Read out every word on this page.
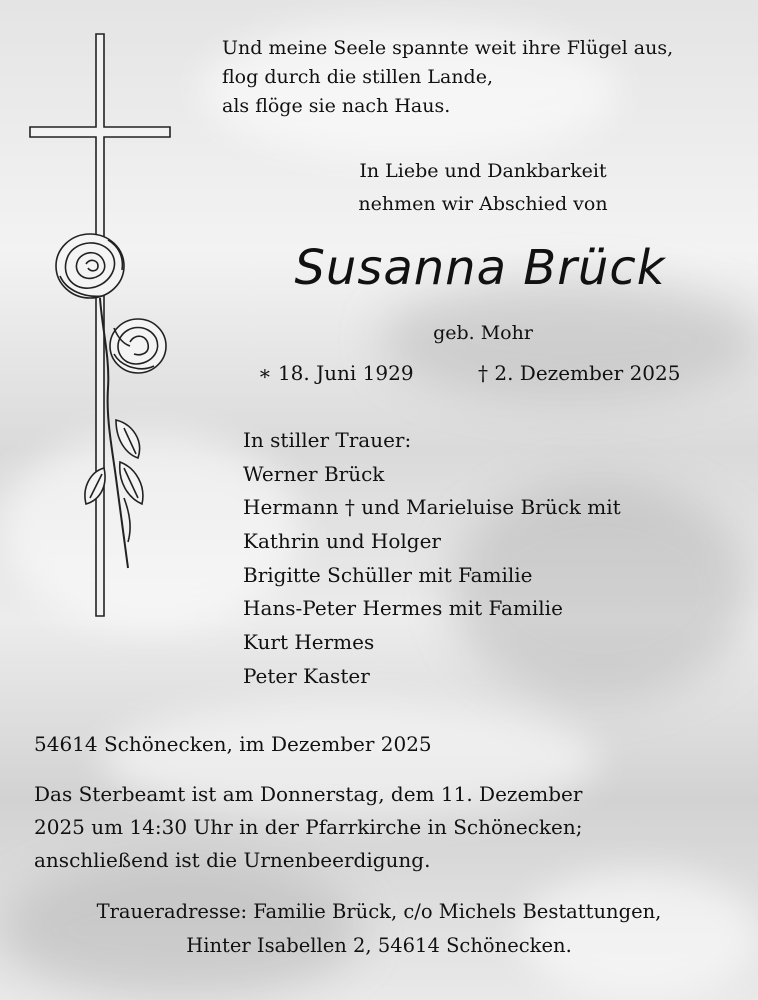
Und meine Seele spannte weit ihre Flügel aus,
flog durch die stillen Lande,
als flöge sie nach Haus.
In Liebe und Dankbarkeit
nehmen wir Abschied von
Susanna Brück
geb. Mohr
∗ 18. Juni 1929	† 2. Dezember 2025
In stiller Trauer:
Werner Brück
Hermann † und Marieluise Brück mit
Kathrin und Holger
Brigitte Schüller mit Familie
Hans-Peter Hermes mit Familie
Kurt Hermes
Peter Kaster
54614 Schönecken, im Dezember 2025
Das Sterbeamt ist am Donnerstag, dem 11. Dezember
2025 um 14:30 Uhr in der Pfarrkirche in Schönecken;
anschließend ist die Urnenbeerdigung.
Traueradresse: Familie Brück, c/o Michels Bestattungen,
Hinter Isabellen 2, 54614 Schönecken.
